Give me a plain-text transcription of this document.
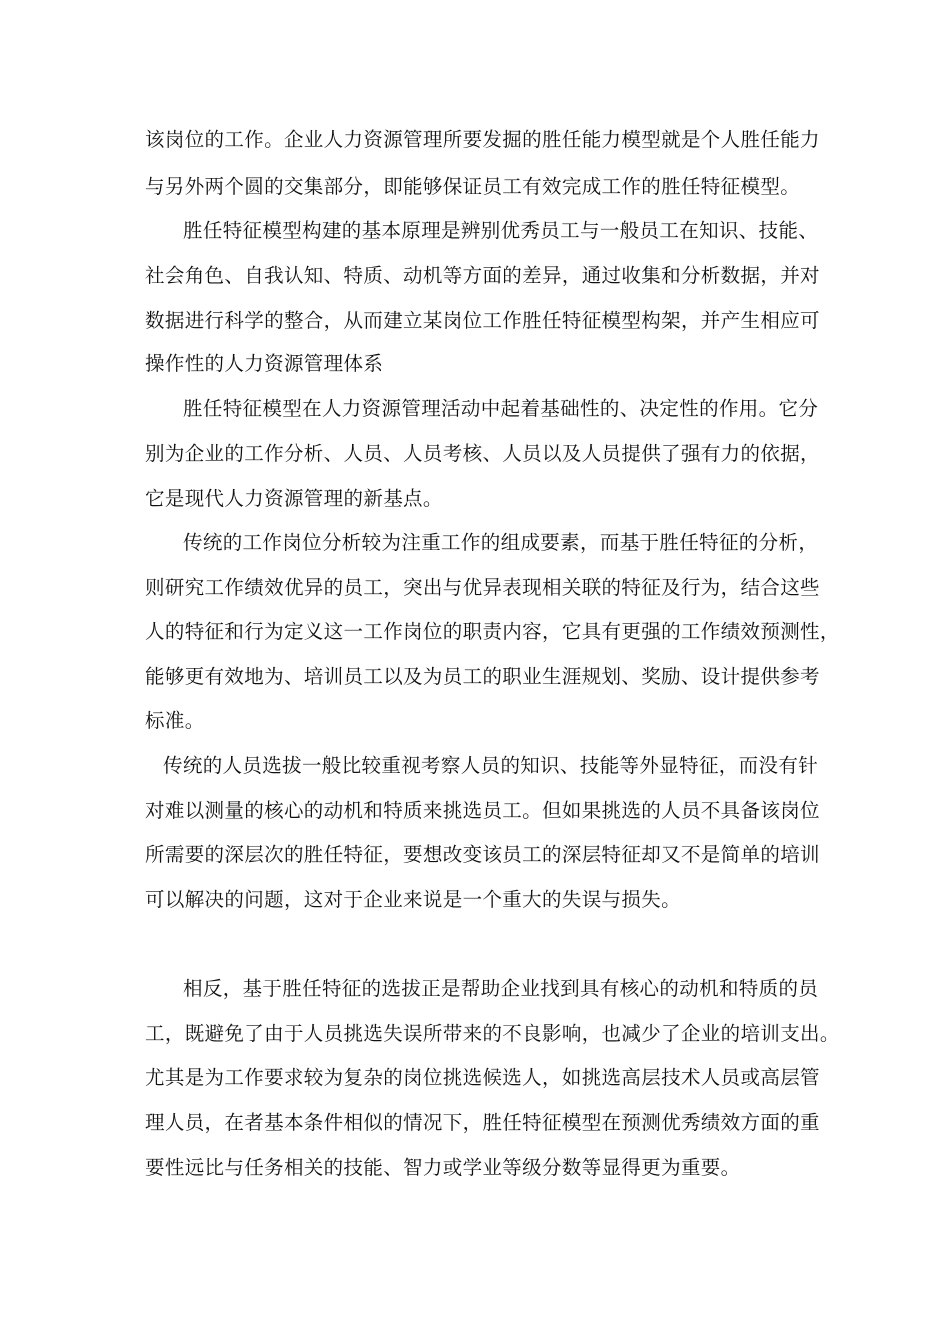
该岗位的工作。企业人力资源管理所要发掘的胜任能力模型就是个人胜任能力

与另外两个圆的交集部分，即能够保证员工有效完成工作的胜任特征模型。

胜任特征模型构建的基本原理是辨别优秀员工与一般员工在知识、技能、

社会角色、自我认知、特质、动机等方面的差异，通过收集和分析数据，并对

数据进行科学的整合，从而建立某岗位工作胜任特征模型构架，并产生相应可

操作性的人力资源管理体系

胜任特征模型在人力资源管理活动中起着基础性的、决定性的作用。它分

别为企业的工作分析、人员、人员考核、人员以及人员提供了强有力的依据，

它是现代人力资源管理的新基点。

传统的工作岗位分析较为注重工作的组成要素，而基于胜任特征的分析，

则研究工作绩效优异的员工，突出与优异表现相关联的特征及行为，结合这些

人的特征和行为定义这一工作岗位的职责内容，它具有更强的工作绩效预测性，

能够更有效地为、培训员工以及为员工的职业生涯规划、奖励、设计提供参考

标准。

传统的人员选拔一般比较重视考察人员的知识、技能等外显特征，而没有针

对难以测量的核心的动机和特质来挑选员工。但如果挑选的人员不具备该岗位

所需要的深层次的胜任特征，要想改变该员工的深层特征却又不是简单的培训

可以解决的问题，这对于企业来说是一个重大的失误与损失。

相反，基于胜任特征的选拔正是帮助企业找到具有核心的动机和特质的员

工，既避免了由于人员挑选失误所带来的不良影响，也减少了企业的培训支出。

尤其是为工作要求较为复杂的岗位挑选候选人，如挑选高层技术人员或高层管

理人员，在者基本条件相似的情况下，胜任特征模型在预测优秀绩效方面的重

要性远比与任务相关的技能、智力或学业等级分数等显得更为重要。
